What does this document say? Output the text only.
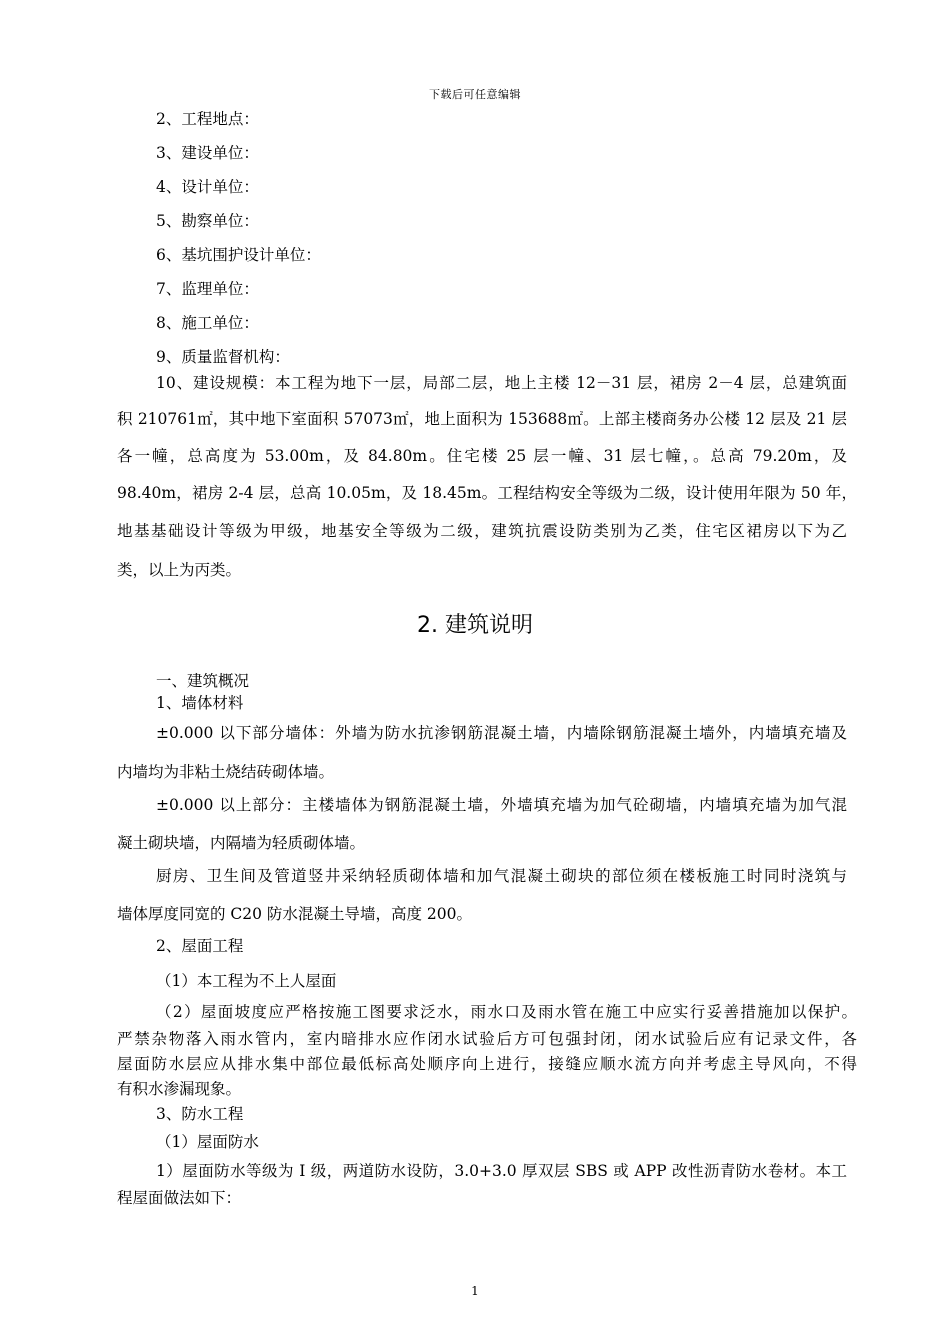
下载后可任意编辑
2、工程地点：
3、建设单位：
4、设计单位：
5、勘察单位：
6、基坑围护设计单位：
7、监理单位：
8、施工单位：
9、质量监督机构：
10、建设规模：本工程为地下一层，局部二层，地上主楼 12－31 层，裙房 2－4 层，总建筑面
积 210761㎡，其中地下室面积 57073㎡，地上面积为 153688㎡。上部主楼商务办公楼 12 层及 21 层
各一幢，总高度为 53.00m，及 84.80m。住宅楼 25 层一幢、31 层七幢，。总高 79.20m，及
98.40m，裙房 2-4 层，总高 10.05m，及 18.45m。工程结构安全等级为二级，设计使用年限为 50 年，
地基基础设计等级为甲级，地基安全等级为二级，建筑抗震设防类别为乙类，住宅区裙房以下为乙
类，以上为丙类。
2. 建筑说明
一、建筑概况
1、墙体材料
±0.000 以下部分墙体：外墙为防水抗渗钢筋混凝土墙，内墙除钢筋混凝土墙外，内墙填充墙及
内墙均为非粘土烧结砖砌体墙。
±0.000 以上部分：主楼墙体为钢筋混凝土墙，外墙填充墙为加气砼砌墙，内墙填充墙为加气混
凝土砌块墙，内隔墙为轻质砌体墙。
厨房、卫生间及管道竖井采纳轻质砌体墙和加气混凝土砌块的部位须在楼板施工时同时浇筑与
墙体厚度同宽的 C20 防水混凝土导墙，高度 200。
2、屋面工程
（1）本工程为不上人屋面
（2）屋面坡度应严格按施工图要求泛水，雨水口及雨水管在施工中应实行妥善措施加以保护。
严禁杂物落入雨水管内，室内暗排水应作闭水试验后方可包强封闭，闭水试验后应有记录文件，各
屋面防水层应从排水集中部位最低标高处顺序向上进行，接缝应顺水流方向并考虑主导风向，不得
有积水渗漏现象。
3、防水工程
（1）屋面防水
1）屋面防水等级为 I 级，两道防水设防，3.0+3.0 厚双层 SBS 或 APP 改性沥青防水卷材。本工
程屋面做法如下：
1
